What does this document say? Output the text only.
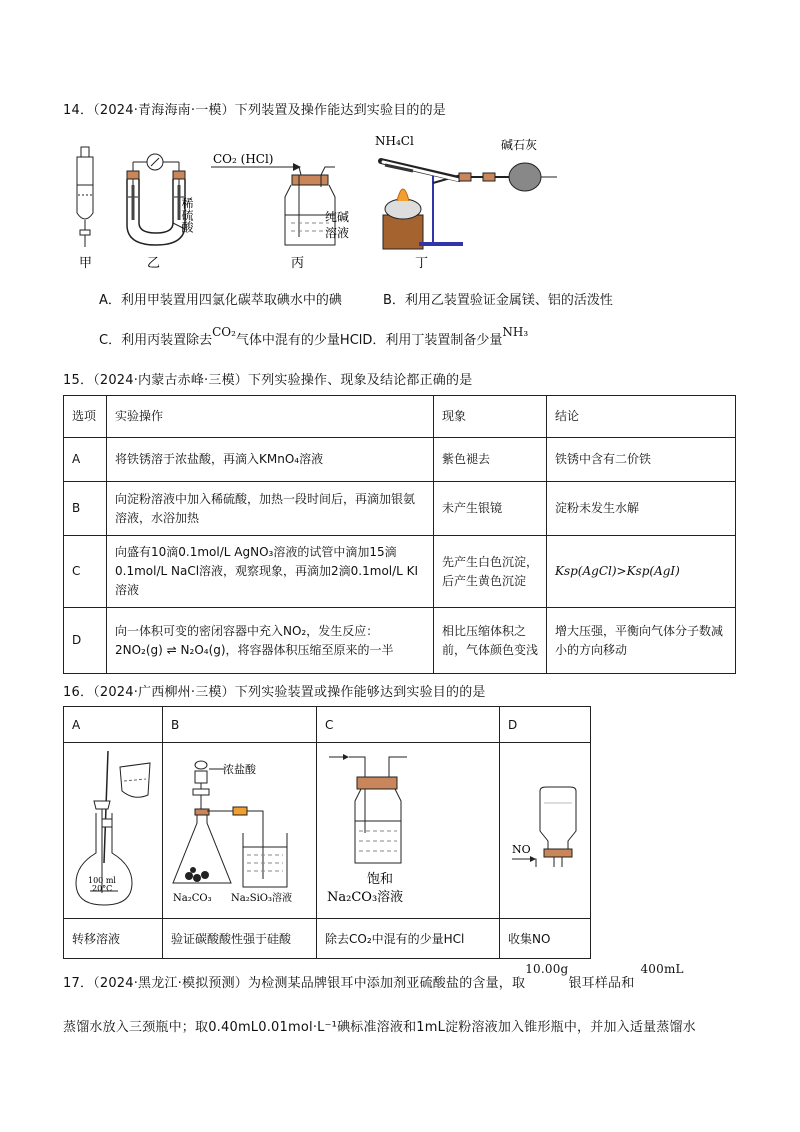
14．（2024·青海海南·一模）下列装置及操作能达到实验目的的是
稀硫酸
CO₂ (HCl)
纯碱
溶液
NH₄Cl	碱石灰
甲	乙	丙	丁
A．利用甲装置用四氯化碳萃取碘水中的碘	B．利用乙装置验证金属镁、铝的活泼性
C．利用丙装置除去CO₂气体中混有的少量HClD．利用丁装置制备少量NH₃
15．（2024·内蒙古赤峰·三模）下列实验操作、现象及结论都正确的是
选项	实验操作	现象	结论
A	将铁锈溶于浓盐酸，再滴入KMnO₄溶液	紫色褪去	铁锈中含有二价铁
B	向淀粉溶液中加入稀硫酸，加热一段时间后，再滴加银氨溶液，水浴加热	未产生银镜	淀粉未发生水解
C	向盛有10滴0.1mol/L AgNO₃溶液的试管中滴加15滴0.1mol/L NaCl溶液，观察现象，再滴加2滴0.1mol/L KI溶液	先产生白色沉淀，后产生黄色沉淀	Ksp(AgCl)>Ksp(AgI)
D	向一体积可变的密闭容器中充入NO₂，发生反应：2NO₂(g) ⇌ N₂O₄(g)，将容器体积压缩至原来的一半	相比压缩体积之前，气体颜色变浅	增大压强，平衡向气体分子数减小的方向移动
16．（2024·广西柳州·三模）下列实验装置或操作能够达到实验目的的是
A	B	C	D

100 ml
20°C	浓盐酸
Na₂CO₃ Na₂SiO₃溶液	饱和
Na₂CO₃溶液	NO

转移溶液	验证碳酸酸性强于硅酸	除去CO₂中混有的少量HCl	收集NO
17．（2024·黑龙江·模拟预测）为检测某品牌银耳中添加剂亚硫酸盐的含量，取10.00g银耳样品和400mL
蒸馏水放入三颈瓶中；取0.40mL0.01mol·L⁻¹碘标准溶液和1mL淀粉溶液加入锥形瓶中，并加入适量蒸馏水
